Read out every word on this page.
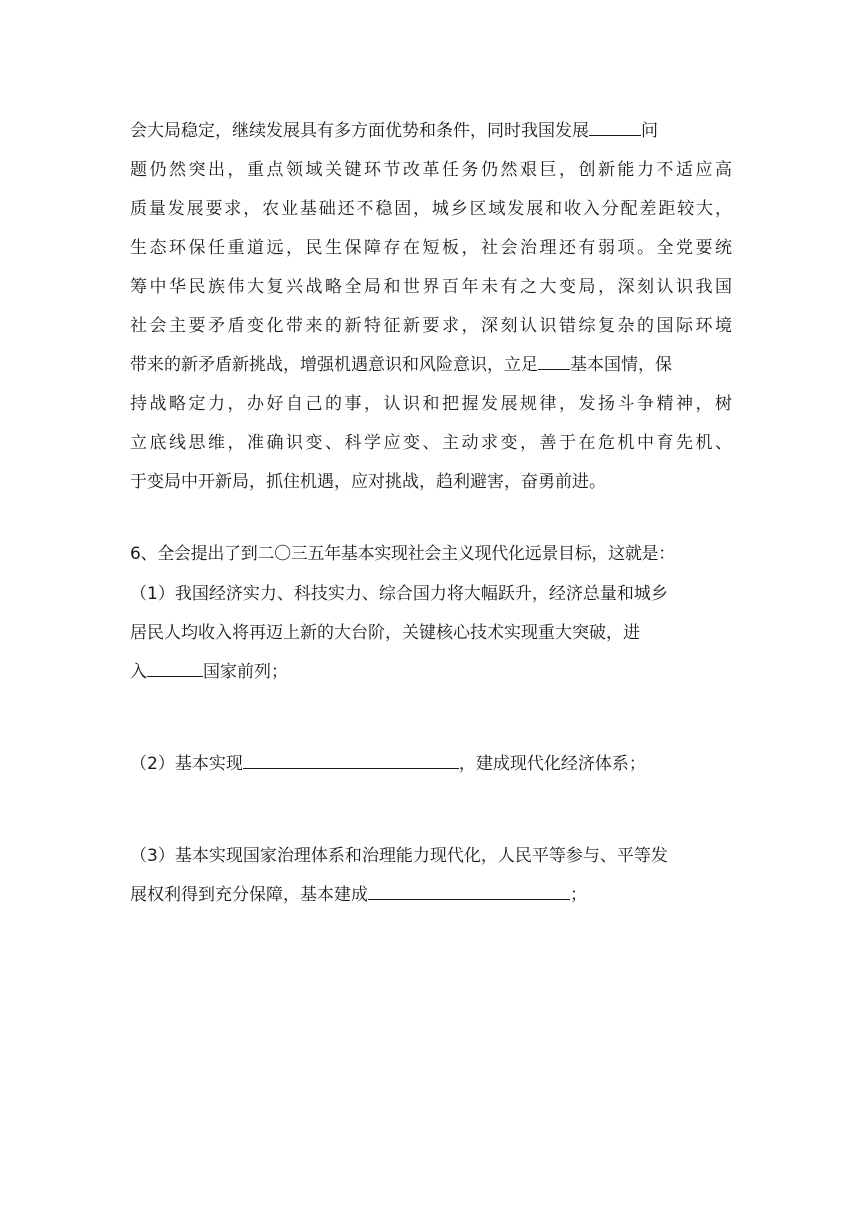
会大局稳定，继续发展具有多方面优势和条件，同时我国发展	问
题仍然突出，重点领域关键环节改革任务仍然艰巨，创新能力不适应高
质量发展要求，农业基础还不稳固，城乡区域发展和收入分配差距较大，
生态环保任重道远，民生保障存在短板，社会治理还有弱项。全党要统
筹中华民族伟大复兴战略全局和世界百年未有之大变局，深刻认识我国
社会主要矛盾变化带来的新特征新要求，深刻认识错综复杂的国际环境
带来的新矛盾新挑战，增强机遇意识和风险意识，立足 基本国情，保
持战略定力，办好自己的事，认识和把握发展规律，发扬斗争精神，树
立底线思维，准确识变、科学应变、主动求变，善于在危机中育先机、
于变局中开新局，抓住机遇，应对挑战，趋利避害，奋勇前进。
6、全会提出了到二〇三五年基本实现社会主义现代化远景目标，这就是：
（1）我国经济实力、科技实力、综合国力将大幅跃升，经济总量和城乡
居民人均收入将再迈上新的大台阶，关键核心技术实现重大突破，进
入	国家前列；
（2）基本实现	，建成现代化经济体系；
（3）基本实现国家治理体系和治理能力现代化，人民平等参与、平等发
展权利得到充分保障，基本建成	；
